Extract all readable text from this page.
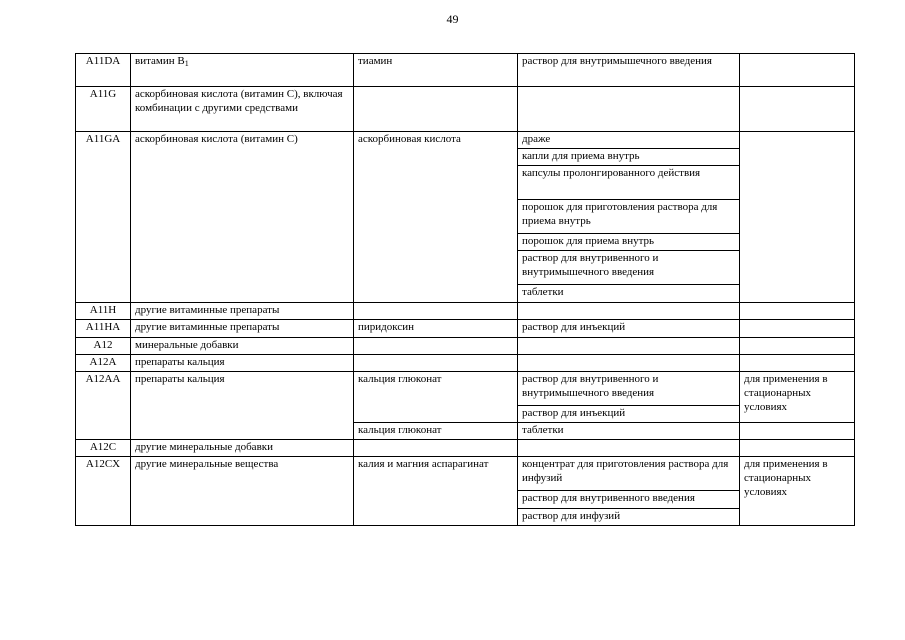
49
A11DA	витамин $B_1$	тиамин	раствор для внутримышечного введения	
A11G	аскорбиновая кислота (витамин С), включая комбинации с другими средствами			
A11GA	аскорбиновая кислота (витамин С)	аскорбиновая кислота	драже	
			капли для приема внутрь	
			капсулы пролонгированного действия	
			порошок для приготовления раствора для приема внутрь	
			порошок для приема внутрь	
			раствор для внутривенного и внутримышечного введения	
			таблетки	
A11H	другие витаминные препараты			
A11HA	другие витаминные препараты	пиридоксин	раствор для инъекций	
A12	минеральные добавки			
A12A	препараты кальция			
A12AA	препараты кальция	кальция глюконат	раствор для внутривенного и внутримышечного введения	для применения в стационарных условиях
			раствор для инъекций	
		кальция глюконат	таблетки	
A12C	другие минеральные добавки			
A12CX	другие минеральные вещества	калия и магния аспарагинат	концентрат для приготовления раствора для инфузий	для применения в стационарных условиях
			раствор для внутривенного введения	
			раствор для инфузий	
